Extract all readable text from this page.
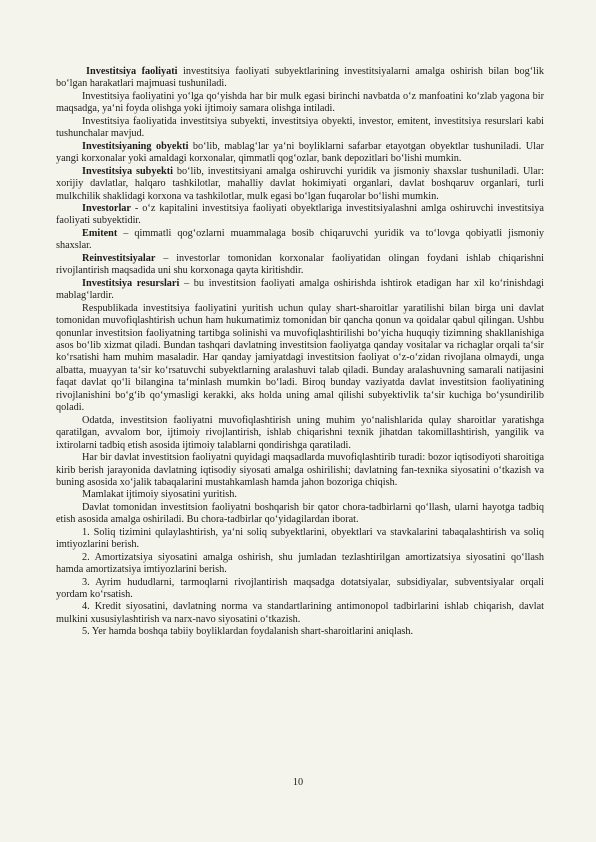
Investitsiya faoliyati investitsiya faoliyati subyektlarining investitsiyalarni amalga oshirish bilan bog‘lik bo‘lgan harakatlari majmuasi tushuniladi.

Investitsiya faoliyatini yo‘lga qo‘yishda har bir mulk egasi birinchi navbatda o‘z manfoatini ko‘zlab yagona bir maqsadga, ya‘ni foyda olishga yoki ijtimoiy samara olishga intiladi.

Investitsiya faoliyatida investitsiya subyekti, investitsiya obyekti, investor, emitent, investitsiya resurslari kabi tushunchalar mavjud.

Investitsiyaning obyekti bo‘lib, mablag‘lar ya‘ni boyliklarni safarbar etayotgan obyektlar tushuniladi. Ular yangi korxonalar yoki amaldagi korxonalar, qimmatli qog‘ozlar, bank depozitlari bo‘lishi mumkin.

Investitsiya subyekti bo‘lib, investitsiyani amalga oshiruvchi yuridik va jismoniy shaxslar tushuniladi. Ular: xorijiy davlatlar, halqaro tashkilotlar, mahalliy davlat hokimiyati organlari, davlat boshqaruv organlari, turli mulkchilik shaklidagi korxona va tashkilotlar, mulk egasi bo‘lgan fuqarolar bo‘lishi mumkin.

Investorlar - o‘z kapitalini investitsiya faoliyati obyektlariga investitsiyalashni amlga oshiruvchi investitsiya faoliyati subyektidir.

Emitent – qimmatli qog‘ozlarni muammalaga bosib chiqaruvchi yuridik va to‘lovga qobiyatli jismoniy shaxslar.

Reinvestitsiyalar – investorlar tomonidan korxonalar faoliyatidan olingan foydani ishlab chiqarishni rivojlantirish maqsadida uni shu korxonaga qayta kiritishdir.

Investitsiya resurslari – bu investitsion faoliyati amalga oshirishda ishtirok etadigan har xil ko‘rinishdagi mablag‘lardir.

Respublikada investitsiya faoliyatini yuritish uchun qulay shart-sharoitlar yaratilishi bilan birga uni davlat tomonidan muvofiqlashtirish uchun ham hukumatimiz tomonidan bir qancha qonun va qoidalar qabul qilingan. Ushbu qonunlar investitsion faoliyatning tartibga solinishi va muvofiqlashtirilishi bo‘yicha huquqiy tizimning shakllanishiga asos bo‘lib xizmat qiladi. Bundan tashqari davlatning investitsion faoliyatga qanday vositalar va richaglar orqali ta‘sir ko‘rsatishi ham muhim masaladir. Har qanday jamiyatdagi investitsion faoliyat o‘z-o‘zidan rivojlana olmaydi, unga albatta, muayyan ta‘sir ko‘rsatuvchi subyektlarning aralashuvi talab qiladi. Bunday aralashuvning samarali natijasini faqat davlat qo‘li bilangina ta‘minlash mumkin bo‘ladi. Biroq bunday vaziyatda davlat investitsion faoliyatining rivojlanishini bo‘g‘ib qo‘ymasligi kerakki, aks holda uning amal qilishi subyektivlik ta‘sir kuchiga bo‘ysundirilib qoladi.

Odatda, investitsion faoliyatni muvofiqlashtirish uning muhim yo‘nalishlarida qulay sharoitlar yaratishga qaratilgan, avvalom bor, ijtimoiy rivojlantirish, ishlab chiqarishni texnik jihatdan takomillashtirish, yangilik va ixtirolarni tadbiq etish asosida ijtimoiy talablarni qondirishga qaratiladi.

Har bir davlat investitsion faoliyatni quyidagi maqsadlarda muvofiqlashtirib turadi: bozor iqtisodiyoti sharoitiga kirib berish jarayonida davlatning iqtisodiy siyosati amalga oshirilishi; davlatning fan-texnika siyosatini o‘tkazish va buning asosida xo‘jalik tabaqalarini mustahkamlash hamda jahon bozoriga chiqish.

Mamlakat ijtimoiy siyosatini yuritish.

Davlat tomonidan investitsion faoliyatni boshqarish bir qator chora-tadbirlarni qo‘llash, ularni hayotga tadbiq etish asosida amalga oshiriladi. Bu chora-tadbirlar qo‘yidagilardan iborat.

1. Soliq tizimini qulaylashtirish, ya‘ni soliq subyektlarini, obyektlari va stavkalarini tabaqalashtirish va soliq imtiyozlarini berish.

2. Amortizatsiya siyosatini amalga oshirish, shu jumladan tezlashtirilgan amortizatsiya siyosatini qo‘llash hamda amortizatsiya imtiyozlarini berish.

3. Ayrim hududlarni, tarmoqlarni rivojlantirish maqsadga dotatsiyalar, subsidiyalar, subventsiyalar orqali yordam ko‘rsatish.

4. Kredit siyosatini, davlatning norma va standartlarining antimonopol tadbirlarini ishlab chiqarish, davlat mulkini xususiylashtirish va narx-navo siyosatini o‘tkazish.

5. Yer hamda boshqa tabiiy boyliklardan foydalanish shart-sharoitlarini aniqlash.

10
